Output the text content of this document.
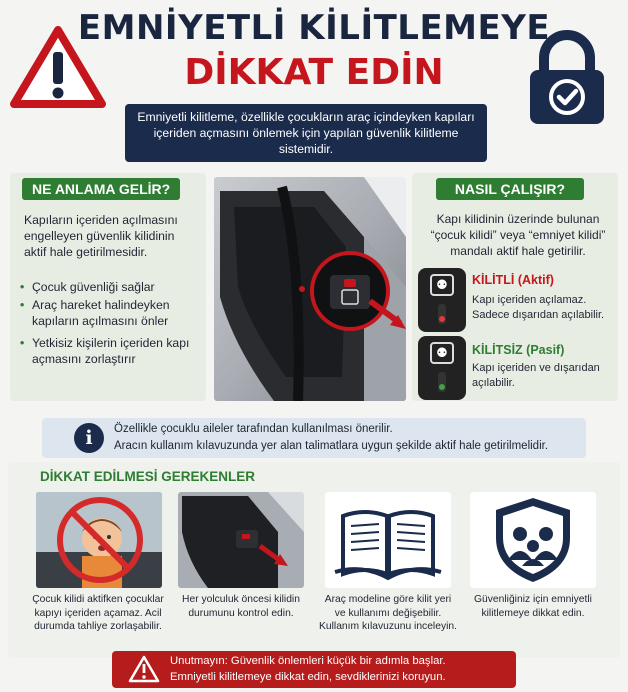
EMNİYETLİ KİLİTLEMEYE
DİKKAT EDİN
Emniyetli kilitleme, özellikle çocukların araç içindeyken kapıları içeriden açmasını önlemek için yapılan güvenlik kilitleme sistemidir.
NE ANLAMA GELİR?
Kapıların içeriden açılmasını engelleyen güvenlik kilidinin aktif hale getirilmesidir.
• Çocuk güvenliği sağlar
• Araç hareket halindeyken kapıların açılmasını önler
• Yetkisiz kişilerin içeriden kapı açmasını zorlaştırır
NASIL ÇALIŞIR?
Kapı kilidinin üzerinde bulunan “çocuk kilidi” veya “emniyet kilidi” mandalı aktif hale getirilir.
⚉	KİLİTLİ (Aktif)
Kapı içeriden açılamaz. Sadece dışarıdan açılabilir.
⚉	KİLİTSİZ (Pasif)
Kapı içeriden ve dışarıdan açılabilir.
i	Özellikle çocuklu aileler tarafından kullanılması önerilir.
Aracın kullanım kılavuzunda yer alan talimatlara uygun şekilde aktif hale getirilmelidir.
DİKKAT EDİLMESİ GEREKENLER
Çocuk kilidi aktifken çocuklar kapıyı içeriden açamaz. Acil durumda tahliye zorlaşabilir.
Her yolculuk öncesi kilidin durumunu kontrol edin.
Araç modeline göre kilit yeri ve kullanımı değişebilir. Kullanım kılavuzunu inceleyin.
Güvenliğiniz için emniyetli kilitlemeye dikkat edin.
Unutmayın: Güvenlik önlemleri küçük bir adımla başlar.
Emniyetli kilitlemeye dikkat edin, sevdiklerinizi koruyun.
